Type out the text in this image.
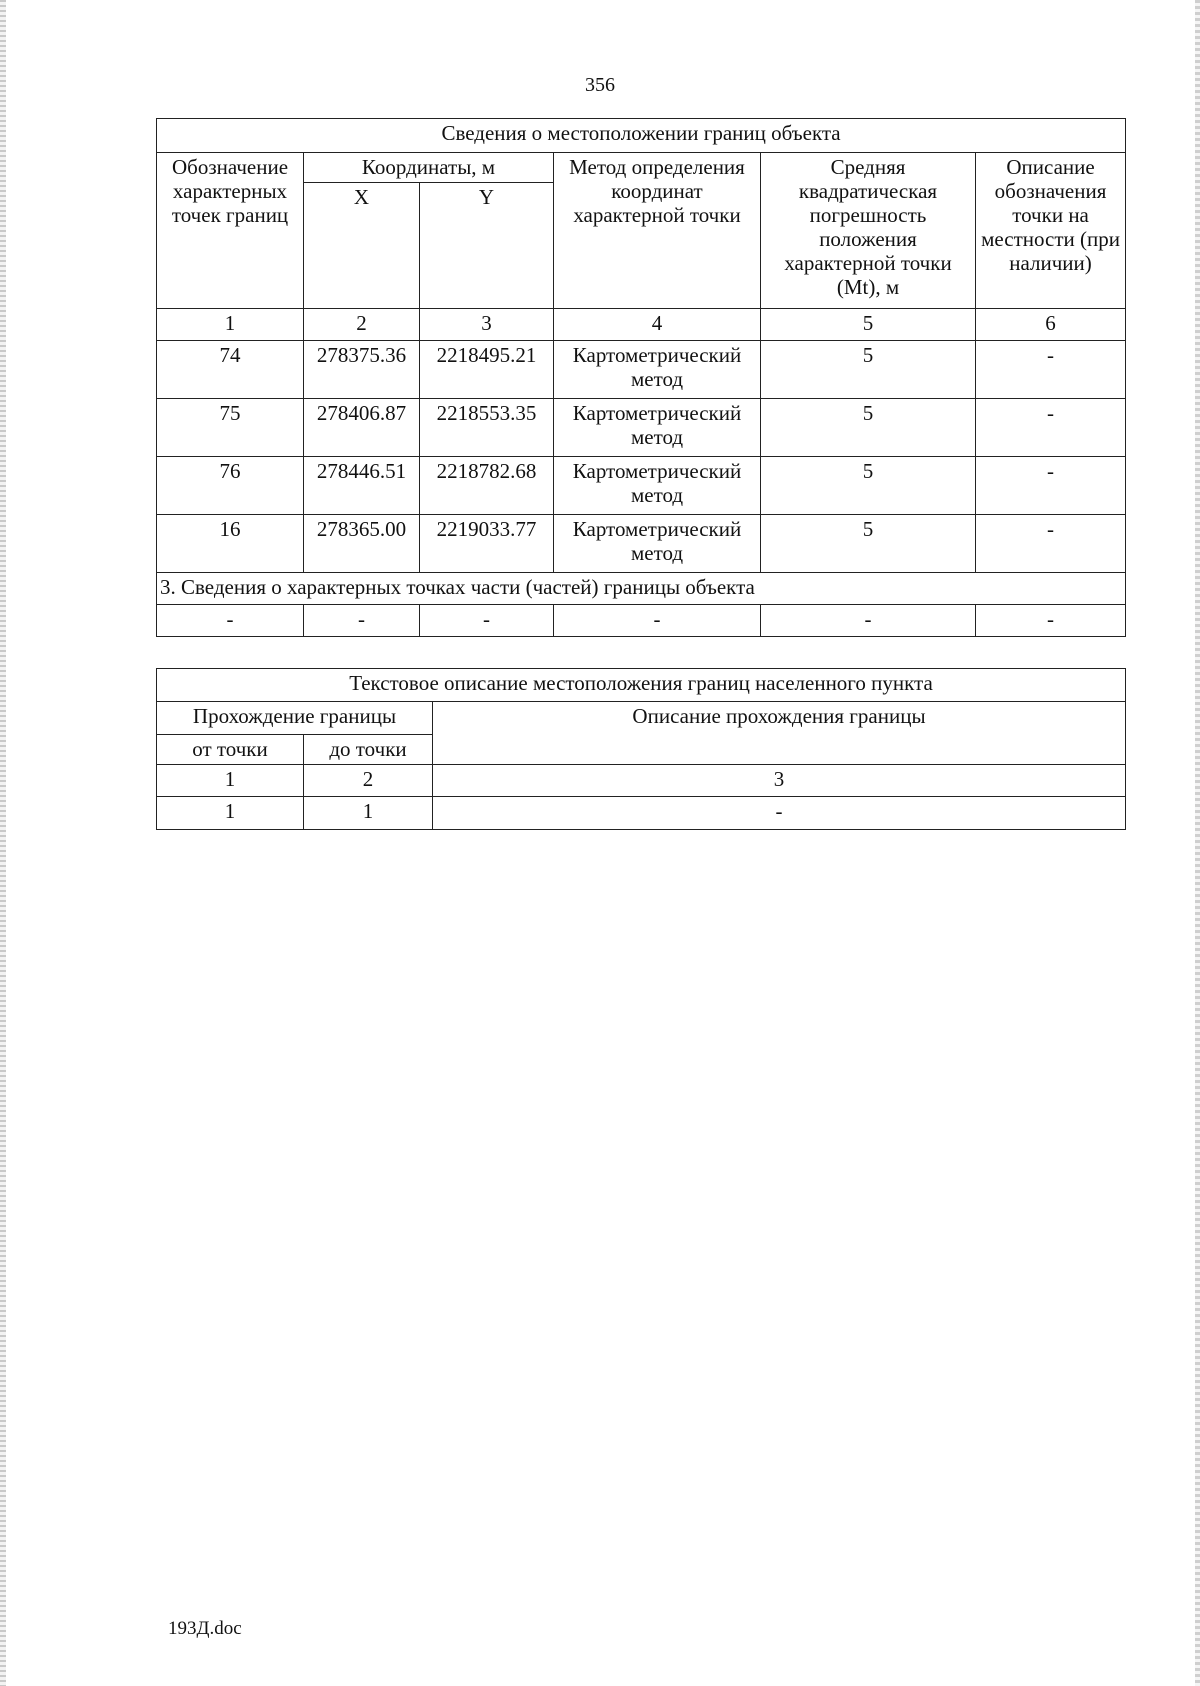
356
Сведения о местоположении границ объекта					
Обозначение характерных точек границ	Координаты, м		Метод определения координат характерной точки	Средняя квадратическая погрешность положения характерной точки (Mt), м	Описание обозначения точки на местности (при наличии)
	X	Y			
1	2	3	4	5	6
74	278375.36	2218495.21	Картометрический метод	5	-
75	278406.87	2218553.35	Картометрический метод	5	-
76	278446.51	2218782.68	Картометрический метод	5	-
16	278365.00	2219033.77	Картометрический метод	5	-
3. Сведения о характерных точках части (частей) границы объекта					
-	-	-	-	-	-
Текстовое описание местоположения границ населенного пункта		
Прохождение границы		Описание прохождения границы
от точки	до точки	
1	2	3
1	1	-
193Д.doc
